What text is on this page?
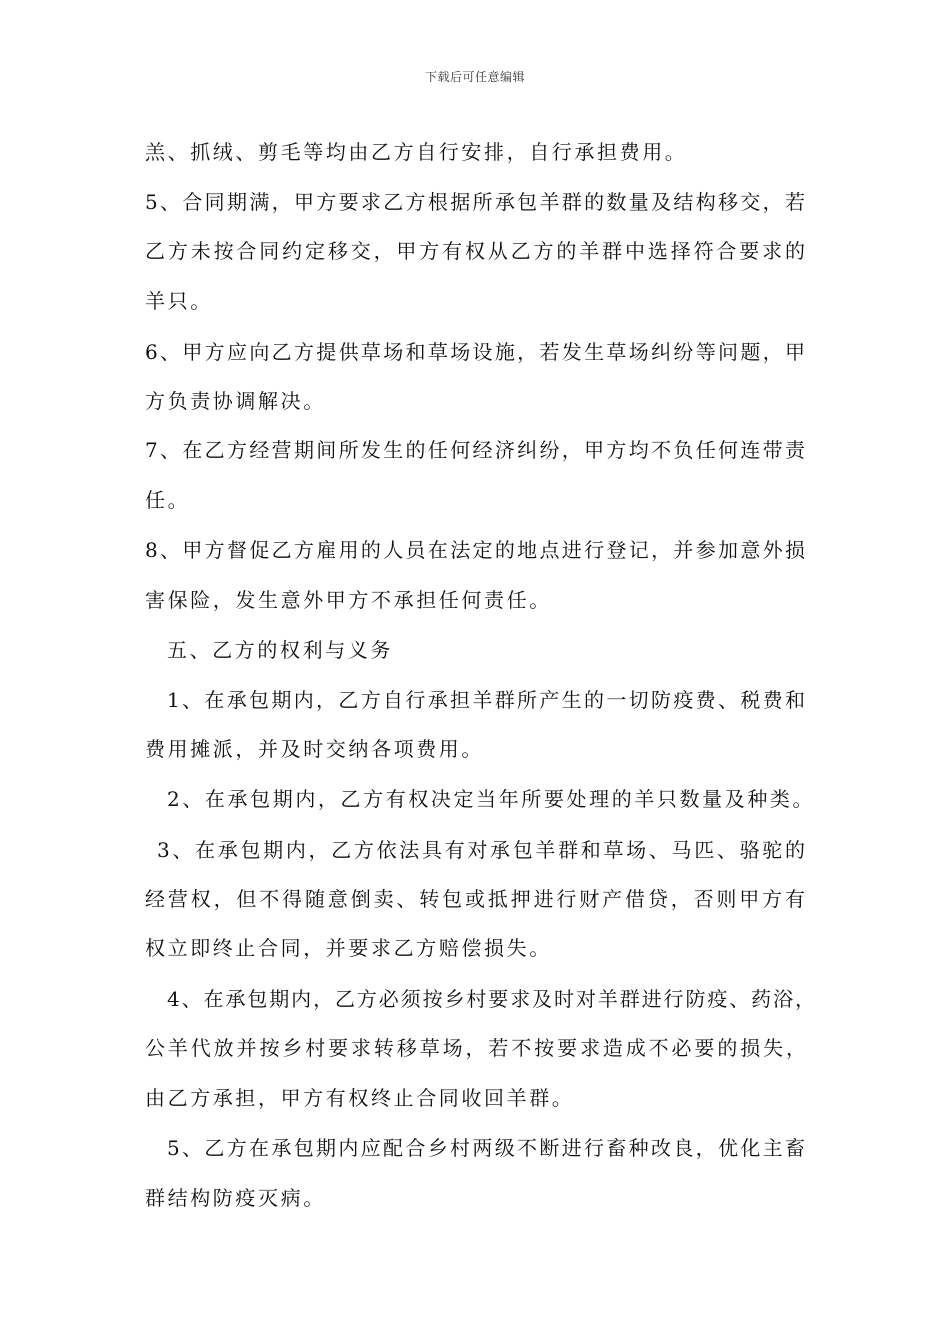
下载后可任意编辑
羔、抓绒、剪毛等均由乙方自行安排，自行承担费用。
5、合同期满，甲方要求乙方根据所承包羊群的数量及结构移交，若
乙方未按合同约定移交，甲方有权从乙方的羊群中选择符合要求的
羊只。
6、甲方应向乙方提供草场和草场设施，若发生草场纠纷等问题，甲
方负责协调解决。
7、在乙方经营期间所发生的任何经济纠纷，甲方均不负任何连带责
任。
8、甲方督促乙方雇用的人员在法定的地点进行登记，并参加意外损
害保险，发生意外甲方不承担任何责任。
五、乙方的权利与义务
1、在承包期内，乙方自行承担羊群所产生的一切防疫费、税费和
费用摊派，并及时交纳各项费用。
2、在承包期内，乙方有权决定当年所要处理的羊只数量及种类。
3、在承包期内，乙方依法具有对承包羊群和草场、马匹、骆驼的
经营权，但不得随意倒卖、转包或抵押进行财产借贷，否则甲方有
权立即终止合同，并要求乙方赔偿损失。
4、在承包期内，乙方必须按乡村要求及时对羊群进行防疫、药浴，
公羊代放并按乡村要求转移草场，若不按要求造成不必要的损失，
由乙方承担，甲方有权终止合同收回羊群。
5、乙方在承包期内应配合乡村两级不断进行畜种改良，优化主畜
群结构防疫灭病。
